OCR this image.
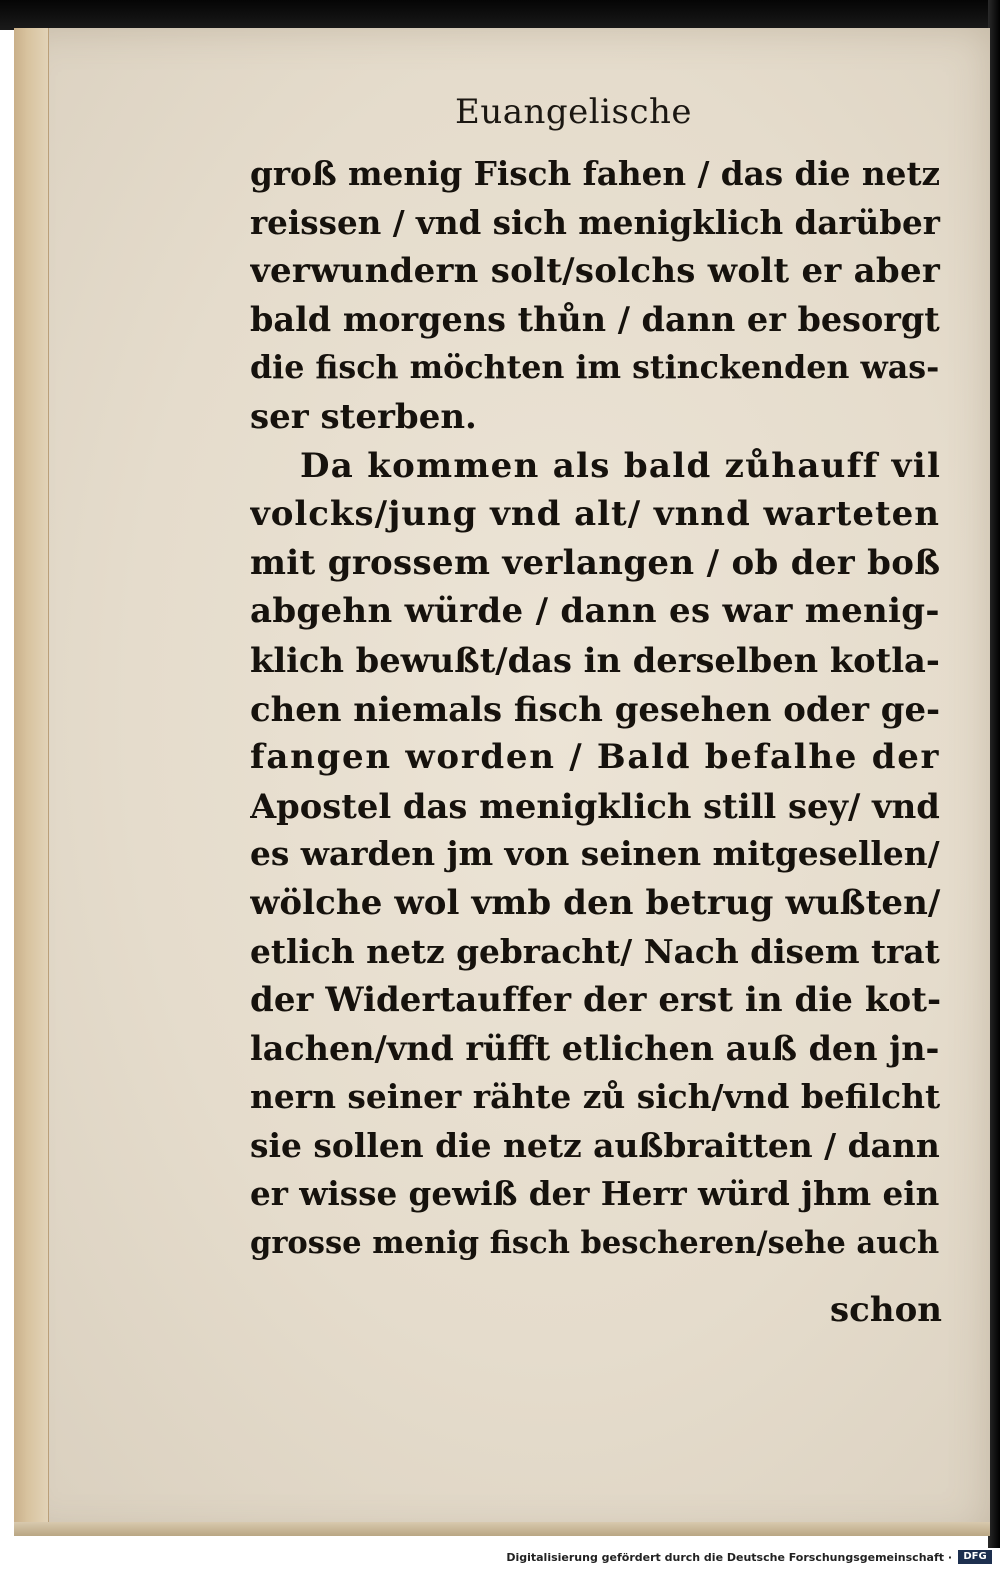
Euangelische
groß menig Fisch fahen / das die netz
reissen / vnd sich menigklich darüber
verwundern solt/solchs wolt er aber
bald morgens thůn / dann er besorgt
die fisch möchten im stinckenden was-
ser sterben.
Da kommen als bald zůhauff vil
volcks/jung vnd alt/ vnnd warteten
mit grossem verlangen / ob der boß
abgehn würde / dann es war menig-
klich bewußt/das in derselben kotla-
chen niemals fisch gesehen oder ge-
fangen worden / Bald befalhe der
Apostel das menigklich still sey/ vnd
es warden jm von seinen mitgesellen/
wölche wol vmb den betrug wußten/
etlich netz gebracht/ Nach disem trat
der Widertauffer der erst in die kot-
lachen/vnd rüfft etlichen auß den jn-
nern seiner rähte zů sich/vnd befilcht
sie sollen die netz außbraitten / dann
er wisse gewiß der Herr würd jhm ein
grosse menig fisch bescheren/sehe auch
schon
Digitalisierung gefördert durch die Deutsche Forschungsgemeinschaft ·	DFG
